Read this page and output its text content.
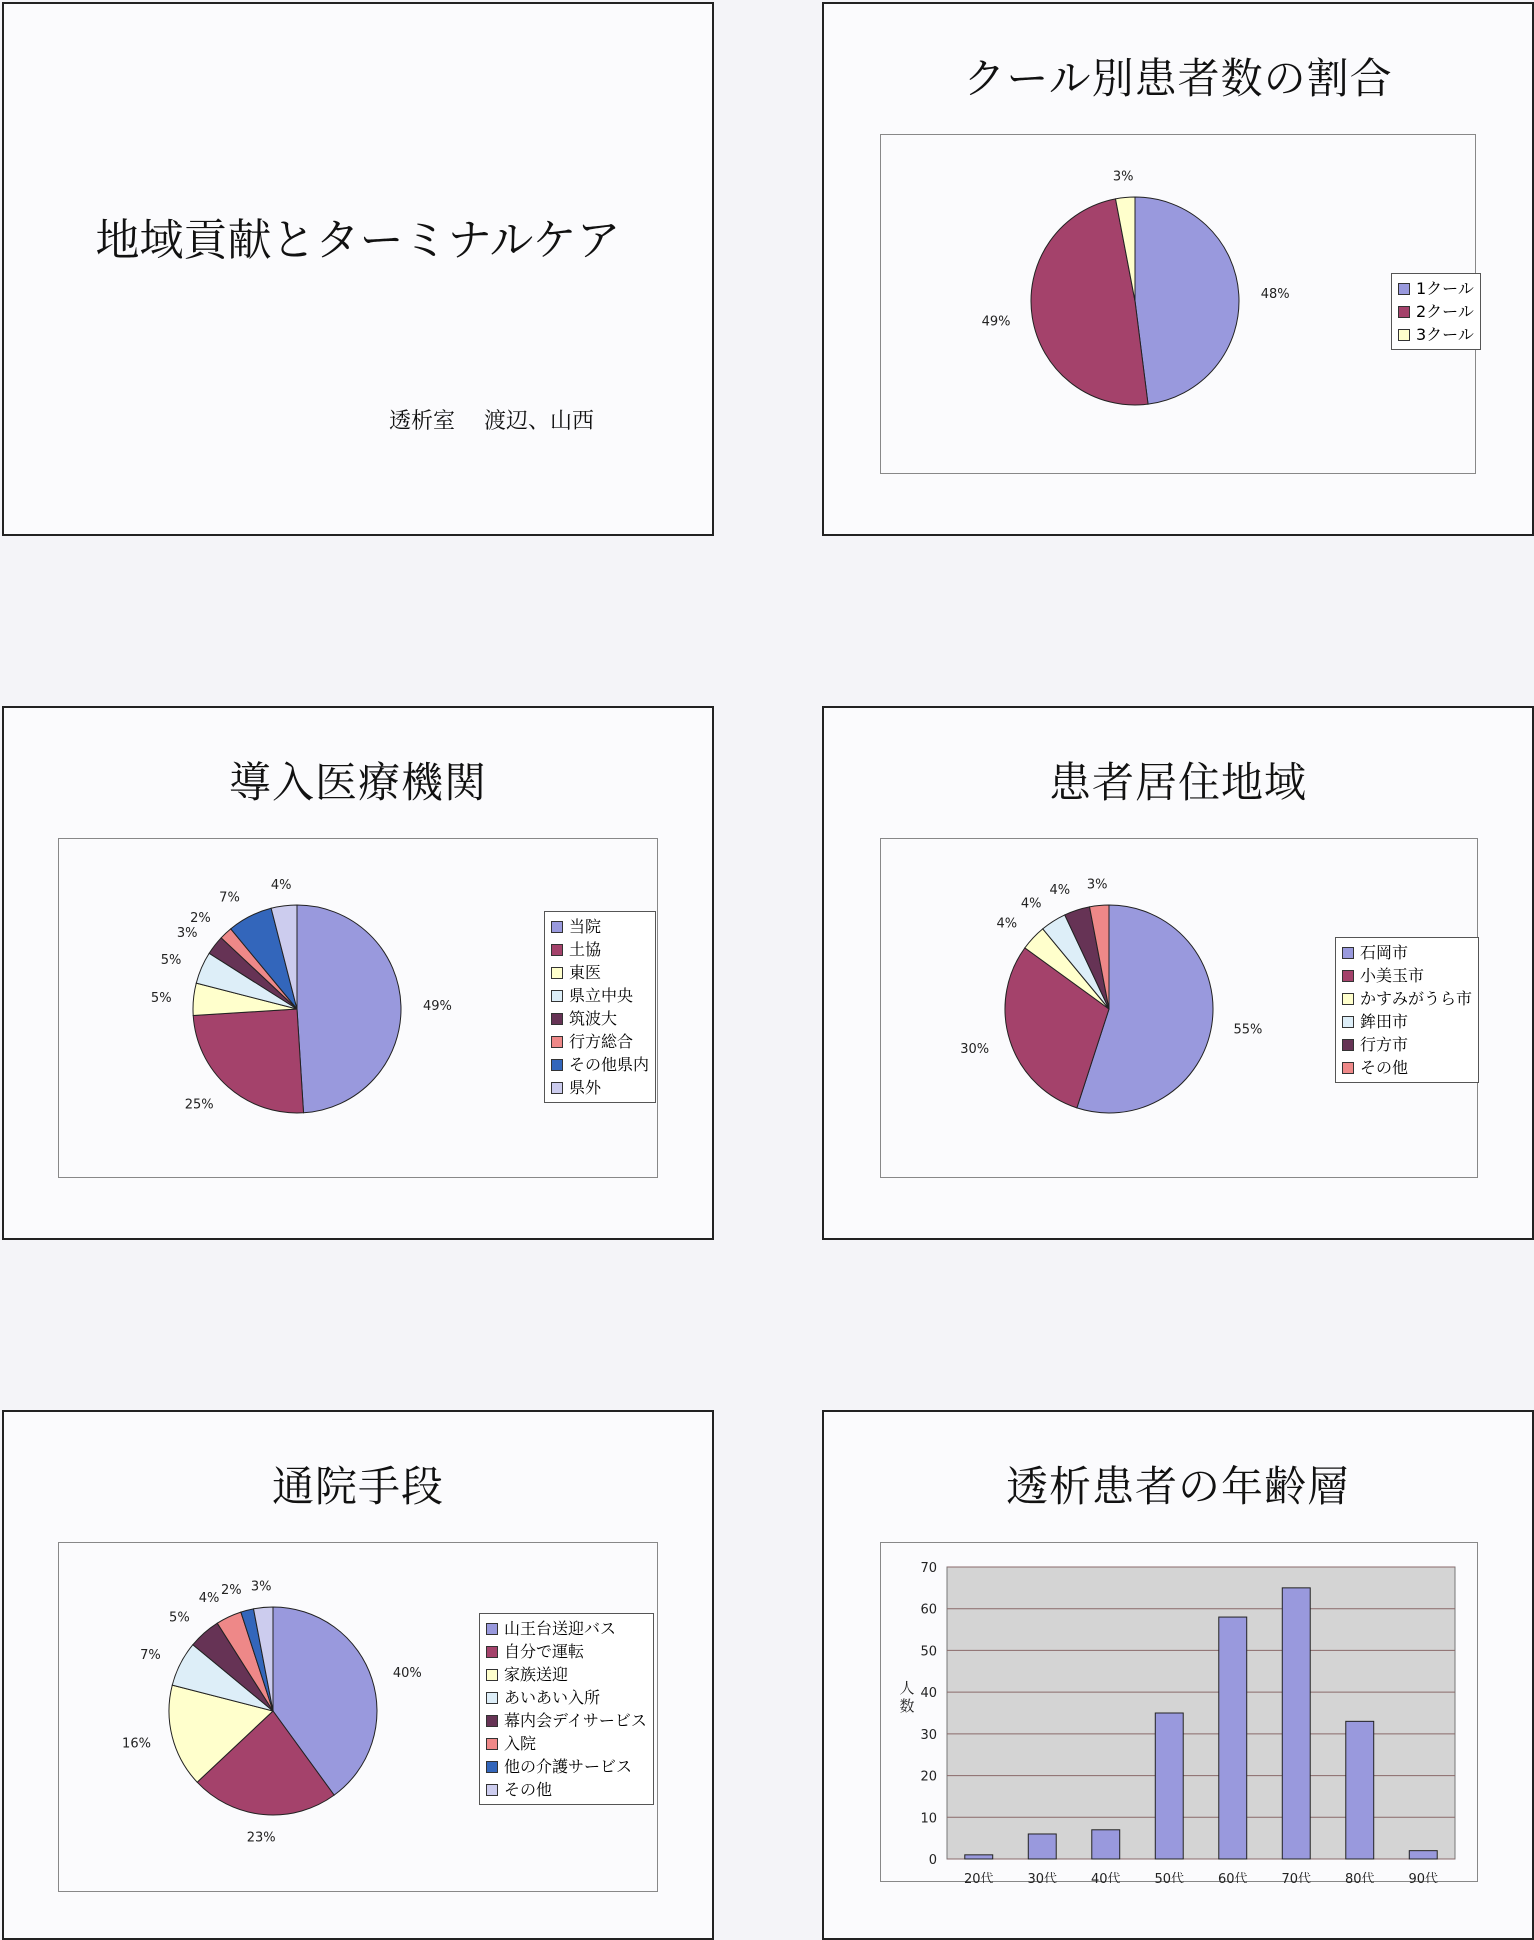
地域貢献とターミナルケア
透析室　 渡辺、山西
クール別患者数の割合
48%
49%
3%
1クール
2クール
3クール
導入医療機関
49%
25%
5%
5%
3%
2%
7%
4%
当院
土協
東医
県立中央
筑波大
行方総合
その他県内
県外
患者居住地域
55%
30%
4%
4%
4% 3%
石岡市
小美玉市
かすみがうら市
鉾田市
行方市
その他
通院手段
40%
23%
16%
7%
5%
4%
2% 3%
山王台送迎バス
自分で運転
家族送迎
あいあい入所
幕内会デイサービス
入院
他の介護サービス
その他
透析患者の年齢層
0
10
20
30
40
50
60
70
人数
20代	30代	40代	50代	60代	70代	80代	90代
